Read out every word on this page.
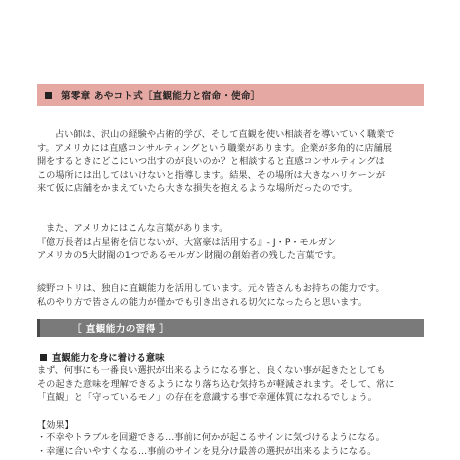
第零章 あやコト式［直観能力と宿命・使命］

占い師は、沢山の経験や占術的学び、そして直観を使い相談者を導いていく職業で
す。アメリカには直感コンサルティングという職業があります。企業が多角的に店舗展
開をするときにどこにいつ出すのが良いのか？と相談すると直感コンサルティングは
この場所には出してはいけないと指導します。結果、その場所は大きなハリケーンが
来て仮に店舗をかまえていたら大きな損失を抱えるような場所だったのです。

また、アメリカにはこんな言葉があります。
『億万長者は占星術を信じないが、大富豪は活用する』- J・P・モルガン
アメリカの5大財閥の1つであるモルガン財閥の創始者の残した言葉です。

綾野コトリは、独自に直観能力を活用しています。元々皆さんもお持ちの能力です。
私のやり方で皆さんの能力が僅かでも引き出される切欠になったらと思います。

［ 直観能力の習得 ］
直観能力を身に着ける意味

まず、何事にも一番良い選択が出来るようになる事と、良くない事が起きたとしても
その起きた意味を理解できるようになり落ち込む気持ちが軽減されます。そして、常に
「直観」と「守っているモノ」の存在を意識する事で幸運体質になれるでしょう。

【効果】

・不幸やトラブルを回避できる…事前に何かが起こるサインに気づけるようになる。
・幸運に合いやすくなる…事前のサインを見分け最善の選択が出来るようになる。
